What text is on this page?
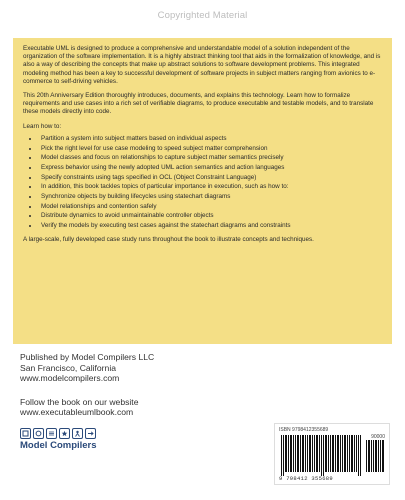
Copyrighted Material

Executable UML is designed to produce a comprehensive and understandable model of a solution independent of the organization of the software implementation. It is a highly abstract thinking tool that aids in the formalization of knowledge, and is also a way of describing the concepts that make up abstract solutions to software development problems. This integrated modeling method has been a key to successful development of software projects in subject matters ranging from avionics to e-commerce to self-driving vehicles.

This 20th Anniversary Edition thoroughly introduces, documents, and explains this technology. Learn how to formalize requirements and use cases into a rich set of verifiable diagrams, to produce executable and testable models, and to translate these models directly into code.

Learn how to:

• Partition a system into subject matters based on individual aspects
• Pick the right level for use case modeling to speed subject matter comprehension
• Model classes and focus on relationships to capture subject matter semantics precisely
• Express behavior using the newly adopted UML action semantics and action languages
• Specify constraints using tags specified in OCL (Object Constraint Language)
• In addition, this book tackles topics of particular importance in execution, such as how to:
• Synchronize objects by building lifecycles using statechart diagrams
• Model relationships and contention safely
• Distribute dynamics to avoid unmaintainable controller objects
• Verify the models by executing test cases against the statechart diagrams and constraints

A large-scale, fully developed case study runs throughout the book to illustrate concepts and techniques.

Published by Model Compilers LLC
San Francisco, California
www.modelcompilers.com
Follow the book on our website
www.executableumlbook.com
Model Compilers
ISBN 9798412355689
90000
9 798412 355689
